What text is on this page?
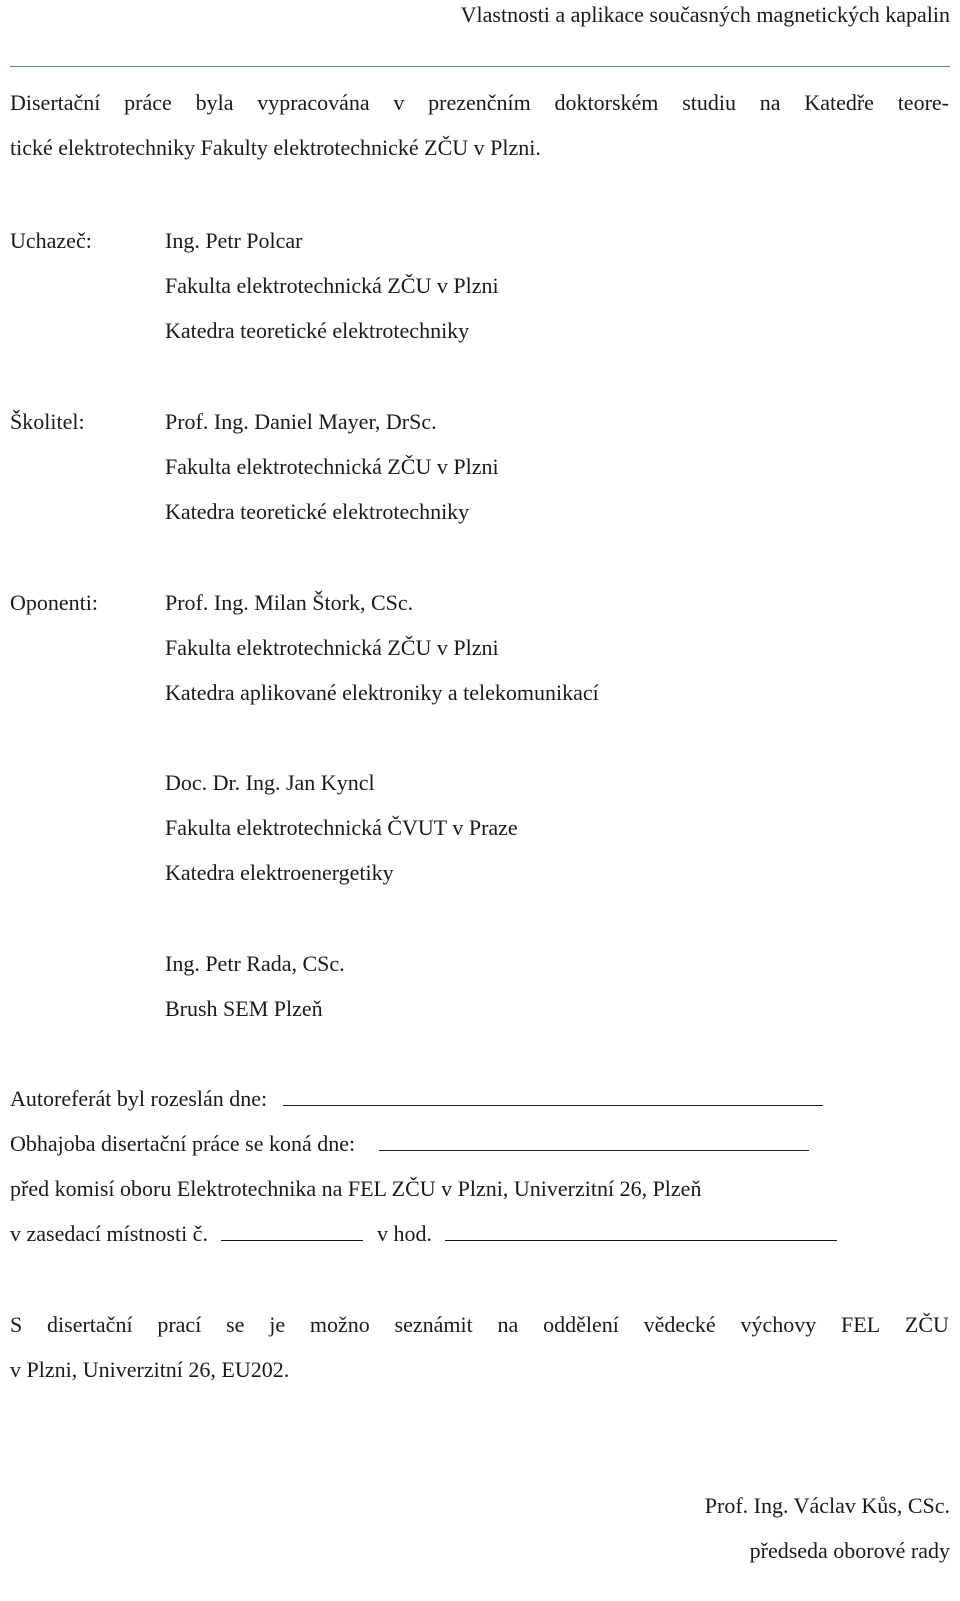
Vlastnosti a aplikace současných magnetických kapalin
Disertační práce byla vypracována v prezenčním doktorském studiu na Katedře teore-
tické elektrotechniky Fakulty elektrotechnické ZČU v Plzni.
Uchazeč:	Ing. Petr Polcar
Fakulta elektrotechnická ZČU v Plzni
Katedra teoretické elektrotechniky
Školitel:	Prof. Ing. Daniel Mayer, DrSc.
Fakulta elektrotechnická ZČU v Plzni
Katedra teoretické elektrotechniky
Oponenti:	Prof. Ing. Milan Štork, CSc.
Fakulta elektrotechnická ZČU v Plzni
Katedra aplikované elektroniky a telekomunikací
Doc. Dr. Ing. Jan Kyncl
Fakulta elektrotechnická ČVUT v Praze
Katedra elektroenergetiky
Ing. Petr Rada, CSc.
Brush SEM Plzeň
Autoreferát byl rozeslán dne:
Obhajoba disertační práce se koná dne:
před komisí oboru Elektrotechnika na FEL ZČU v Plzni, Univerzitní 26, Plzeň
v zasedací místnosti č.	v hod.
S disertační prací se je možno seznámit na oddělení vědecké výchovy FEL ZČU
v Plzni, Univerzitní 26, EU202.
Prof. Ing. Václav Kůs, CSc.
předseda oborové rady
